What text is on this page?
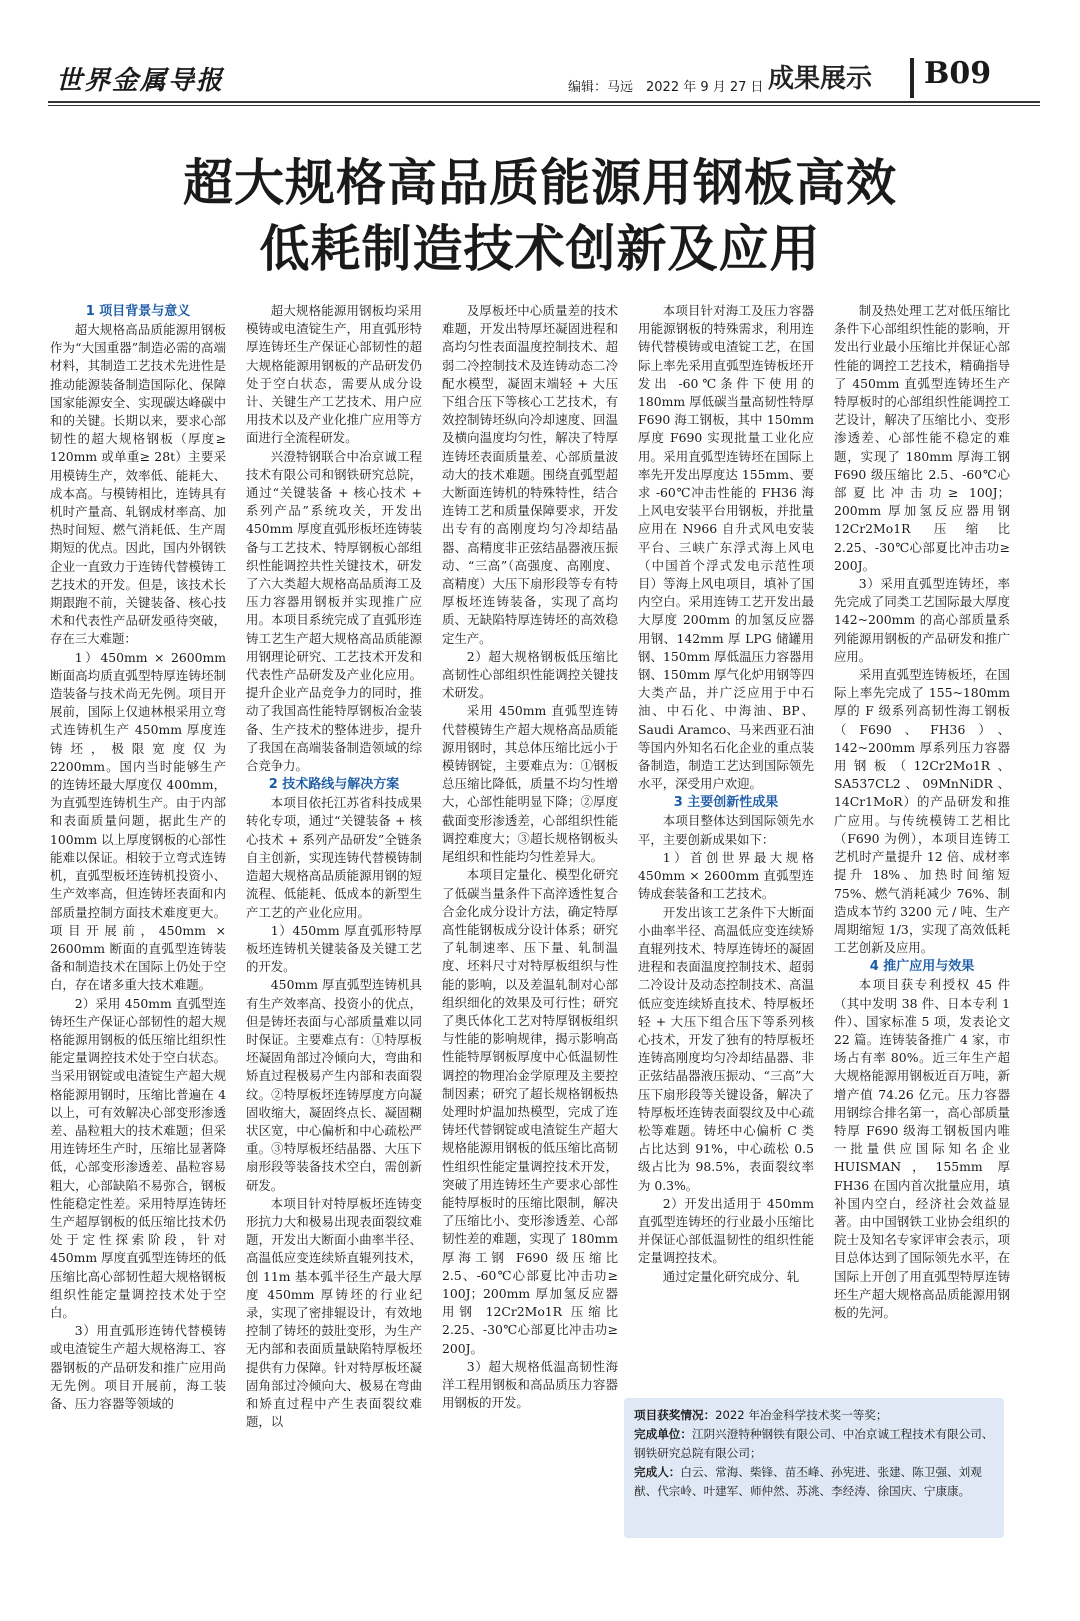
世界金属导报	编辑：马远　2022 年 9 月 27 日 成果展示 B09
超大规格高品质能源用钢板高效
低耗制造技术创新及应用
1 项目背景与意义

超大规格高品质能源用钢板作为“大国重器”制造必需的高端材料，其制造工艺技术先进性是推动能源装备制造国际化、保障国家能源安全、实现碳达峰碳中和的关键。长期以来，要求心部韧性的超大规格钢板（厚度≥ 120mm 或单重≥ 28t）主要采用模铸生产，效率低、能耗大、成本高。与模铸相比，连铸具有机时产量高、轧钢成材率高、加热时间短、燃气消耗低、生产周期短的优点。因此，国内外钢铁企业一直致力于连铸代替模铸工艺技术的开发。但是，该技术长期跟跑不前，关键装备、核心技术和代表性产品研发亟待突破，存在三大难题：

1）450mm × 2600mm 断面高均质直弧型特厚连铸坯制造装备与技术尚无先例。项目开展前，国际上仅迪林根采用立弯式连铸机生产 450mm 厚度连铸坯，极限宽度仅为 2200mm。国内当时能够生产的连铸坯最大厚度仅 400mm，为直弧型连铸机生产。由于内部和表面质量问题，据此生产的 100mm 以上厚度钢板的心部性能难以保证。相较于立弯式连铸机，直弧型板坯连铸机投资小、生产效率高，但连铸坯表面和内部质量控制方面技术难度更大。项目开展前，450mm × 2600mm 断面的直弧型连铸装备和制造技术在国际上仍处于空白，存在诸多重大技术难题。

2）采用 450mm 直弧型连铸坯生产保证心部韧性的超大规格能源用钢板的低压缩比组织性能定量调控技术处于空白状态。当采用钢锭或电渣锭生产超大规格能源用钢时，压缩比普遍在 4 以上，可有效解决心部变形渗透差、晶粒粗大的技术难题；但采用连铸坯生产时，压缩比显著降低，心部变形渗透差、晶粒容易粗大，心部缺陷不易弥合，钢板性能稳定性差。采用特厚连铸坯生产超厚钢板的低压缩比技术仍处于定性探索阶段，针对 450mm 厚度直弧型连铸坯的低压缩比高心部韧性超大规格钢板组织性能定量调控技术处于空白。

3）用直弧形连铸代替模铸或电渣锭生产超大规格海工、容器钢板的产品研发和推广应用尚无先例。项目开展前，海工装备、压力容器等领域的

超大规格能源用钢板均采用模铸或电渣锭生产，用直弧形特厚连铸坯生产保证心部韧性的超大规格能源用钢板的产品研发仍处于空白状态，需要从成分设计、关键生产工艺技术、用户应用技术以及产业化推广应用等方面进行全流程研发。

兴澄特钢联合中冶京诚工程技术有限公司和钢铁研究总院，通过“关键装备 + 核心技术 + 系列产品”系统攻关，开发出 450mm 厚度直弧形板坯连铸装备与工艺技术、特厚钢板心部组织性能调控共性关键技术，研发了六大类超大规格高品质海工及压力容器用钢板并实现推广应用。本项目系统完成了直弧形连铸工艺生产超大规格高品质能源用钢理论研究、工艺技术开发和代表性产品研发及产业化应用。提升企业产品竞争力的同时，推动了我国高性能特厚钢板冶金装备、生产技术的整体进步，提升了我国在高端装备制造领域的综合竞争力。

2 技术路线与解决方案

本项目依托江苏省科技成果转化专项，通过“关键装备 + 核心技术 + 系列产品研发”全链条自主创新，实现连铸代替模铸制造超大规格高品质能源用钢的短流程、低能耗、低成本的新型生产工艺的产业化应用。

1）450mm 厚直弧形特厚板坯连铸机关键装备及关键工艺的开发。

450mm 厚直弧型连铸机具有生产效率高、投资小的优点，但是铸坯表面与心部质量难以同时保证。主要难点有：①特厚板坯凝固角部过冷倾向大，弯曲和矫直过程极易产生内部和表面裂纹。②特厚板坯连铸厚度方向凝固收缩大，凝固终点长、凝固糊状区宽，中心偏析和中心疏松严重。③特厚板坯结晶器、大压下扇形段等装备技术空白，需创新研发。

本项目针对特厚板坯连铸变形抗力大和极易出现表面裂纹难题，开发出大断面小曲率半径、高温低应变连续矫直辊列技术，创 11m 基本弧半径生产最大厚度 450mm 厚铸坯的行业纪录，实现了密排辊设计，有效地控制了铸坯的鼓肚变形，为生产无内部和表面质量缺陷特厚板坯提供有力保障。针对特厚板坯凝固角部过冷倾向大、极易在弯曲和矫直过程中产生表面裂纹难题，以

及厚板坯中心质量差的技术难题，开发出特厚坯凝固进程和高均匀性表面温度控制技术、超弱二冷控制技术及连铸动态二冷配水模型，凝固末端轻 + 大压下组合压下等核心工艺技术，有效控制铸坯纵向冷却速度、回温及横向温度均匀性，解决了特厚连铸坯表面质量差、心部质量波动大的技术难题。围绕直弧型超大断面连铸机的特殊特性，结合连铸工艺和质量保障要求，开发出专有的高刚度均匀冷却结晶器、高精度非正弦结晶器液压振动、“三高”（高强度、高刚度、高精度）大压下扇形段等专有特厚板坯连铸装备，实现了高均质、无缺陷特厚连铸坯的高效稳定生产。

2）超大规格钢板低压缩比高韧性心部组织性能调控关键技术研发。

采用 450mm 直弧型连铸代替模铸生产超大规格高品质能源用钢时，其总体压缩比远小于模铸钢锭，主要难点为：①钢板总压缩比降低，质量不均匀性增大，心部性能明显下降；②厚度截面变形渗透差，心部组织性能调控难度大；③超长规格钢板头尾组织和性能均匀性差异大。

本项目定量化、模型化研究了低碳当量条件下高淬透性复合合金化成分设计方法，确定特厚高性能钢板成分设计体系；研究了轧制速率、压下量、轧制温度、坯料尺寸对特厚板组织与性能的影响，以及差温轧制对心部组织细化的效果及可行性；研究了奥氏体化工艺对特厚钢板组织与性能的影响规律，揭示影响高性能特厚钢板厚度中心低温韧性调控的物理冶金学原理及主要控制因素；研究了超长规格钢板热处理时炉温加热模型，完成了连铸坯代替钢锭或电渣锭生产超大规格能源用钢板的低压缩比高韧性组织性能定量调控技术开发，突破了用连铸坯生产要求心部性能特厚板时的压缩比限制，解决了压缩比小、变形渗透差、心部韧性差的难题，实现了 180mm 厚海工钢 F690 级压缩比 2.5、-60℃心部夏比冲击功≥ 100J；200mm 厚加氢反应器用钢 12Cr2Mo1R 压缩比 2.25、-30℃心部夏比冲击功≥ 200J。

3）超大规格低温高韧性海洋工程用钢板和高品质压力容器用钢板的开发。

本项目针对海工及压力容器用能源钢板的特殊需求，利用连铸代替模铸或电渣锭工艺，在国际上率先采用直弧型连铸板坯开发出 -60℃条件下使用的 180mm 厚低碳当量高韧性特厚 F690 海工钢板，其中 150mm 厚度 F690 实现批量工业化应用。采用直弧型连铸坯在国际上率先开发出厚度达 155mm、要求 -60℃冲击性能的 FH36 海上风电安装平台用钢板，并批量应用在 N966 自升式风电安装平台、三峡广东浮式海上风电（中国首个浮式发电示范性项目）等海上风电项目，填补了国内空白。采用连铸工艺开发出最大厚度 200mm 的加氢反应器用钢、142mm 厚 LPG 储罐用钢、150mm 厚低温压力容器用钢、150mm 厚气化炉用钢等四大类产品，并广泛应用于中石油、中石化、中海油、BP、Saudi Aramco、马来西亚石油等国内外知名石化企业的重点装备制造，制造工艺达到国际领先水平，深受用户欢迎。

3 主要创新性成果

本项目整体达到国际领先水平，主要创新成果如下：

1）首创世界最大规格 450mm × 2600mm 直弧型连铸成套装备和工艺技术。

开发出该工艺条件下大断面小曲率半径、高温低应变连续矫直辊列技术、特厚连铸坯的凝固进程和表面温度控制技术、超弱二冷设计及动态控制技术、高温低应变连续矫直技术、特厚板坯轻 + 大压下组合压下等系列核心技术，开发了独有的特厚板坯连铸高刚度均匀冷却结晶器、非正弦结晶器液压振动、“三高”大压下扇形段等关键设备，解决了特厚板坯连铸表面裂纹及中心疏松等难题。铸坯中心偏析 C 类占比达到 91%，中心疏松 0.5 级占比为 98.5%，表面裂纹率为 0.3%。

2）开发出适用于 450mm 直弧型连铸坯的行业最小压缩比并保证心部低温韧性的组织性能定量调控技术。

通过定量化研究成分、轧

制及热处理工艺对低压缩比条件下心部组织性能的影响，开发出行业最小压缩比并保证心部性能的调控工艺技术，精确指导了 450mm 直弧型连铸坯生产特厚板时的心部组织性能调控工艺设计，解决了压缩比小、变形渗透差、心部性能不稳定的难题，实现了 180mm 厚海工钢 F690 级压缩比 2.5、-60℃心部夏比冲击功≥ 100J；200mm 厚加氢反应器用钢 12Cr2Mo1R 压缩比 2.25、-30℃心部夏比冲击功≥ 200J。

3）采用直弧型连铸坯，率先完成了同类工艺国际最大厚度 142~200mm 的高心部质量系列能源用钢板的产品研发和推广应用。

采用直弧型连铸板坯，在国际上率先完成了 155~180mm 厚的 F 级系列高韧性海工钢板（F690、FH36）、142~200mm 厚系列压力容器用钢板（12Cr2Mo1R、SA537CL2、09MnNiDR、14Cr1MoR）的产品研发和推广应用。与传统模铸工艺相比（F690 为例），本项目连铸工艺机时产量提升 12 倍、成材率提升 18%、加热时间缩短 75%、燃气消耗减少 76%、制造成本节约 3200 元 / 吨、生产周期缩短 1/3，实现了高效低耗工艺创新及应用。

4 推广应用与效果

本项目获专利授权 45 件（其中发明 38 件、日本专利 1 件）、国家标准 5 项，发表论文 22 篇。连铸装备推广 4 家，市场占有率 80%。近三年生产超大规格能源用钢板近百万吨，新增产值 74.26 亿元。压力容器用钢综合排名第一，高心部质量特厚 F690 级海工钢板国内唯一批量供应国际知名企业 HUISMAN，155mm 厚 FH36 在国内首次批量应用，填补国内空白，经济社会效益显著。由中国钢铁工业协会组织的院士及知名专家评审会表示，项目总体达到了国际领先水平，在国际上开创了用直弧型特厚连铸坯生产超大规格高品质能源用钢板的先河。

项目获奖情况：2022 年冶金科学技术奖一等奖；
完成单位：江阴兴澄特种钢铁有限公司、中冶京诚工程技术有限公司、钢铁研究总院有限公司；
完成人：白云、常海、柴锋、苗丕峰、孙宪进、张建、陈卫强、刘观猷、代宗岭、叶建军、师仲然、苏洮、李经涛、徐国庆、宁康康。
